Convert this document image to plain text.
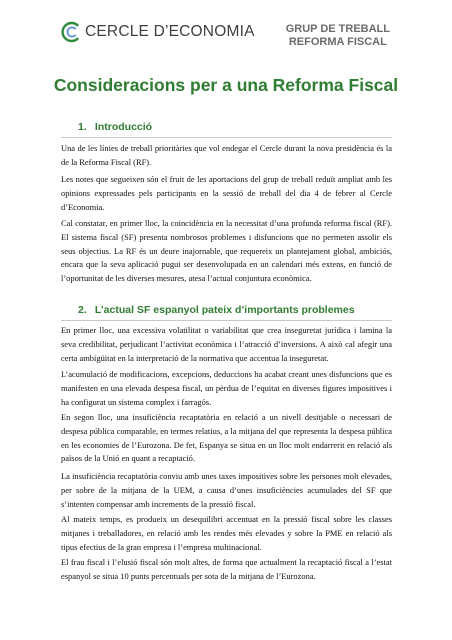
CERCLE D’ECONOMIA	GRUP DE TREBALL
REFORMA FISCAL
Consideracions per a una Reforma Fiscal
1. Introducció

Una de les línies de treball prioritàries que vol endegar el Cercle durant la nova presidència és la de la Reforma Fiscal (RF).

Les notes que segueixen són el fruit de les aportacions del grup de treball reduït ampliat amb les opinions expressades pels participants en la sessió de treball del dia 4 de febrer al Cercle d’Economia.

Cal constatar, en primer lloc, la coincidència en la necessitat d’una profunda reforma fiscal (RF). El sistema fiscal (SF) presenta nombrosos problemes i disfuncions que no permeten assolir els seus objectius. La RF és un deure inajornable, que requereix un plantejament global, ambiciós, encara que la seva aplicació pugui ser desenvolupada en un calendari més extens, en funció de l’oportunitat de les diverses mesures, atesa l’actual conjuntura econòmica.

2. L’actual SF espanyol pateix d’importants problemes

En primer lloc, una excessiva volatilitat o variabilitat que crea inseguretat jurídica i lamina la seva credibilitat, perjudicant l’activitat econòmica i l’atracció d’inversions. A això cal afegir una certa ambigüitat en la interpretació de la normativa que accentua la inseguretat.

L’acumulació de modificacions, excepcions, deduccions ha acabat creant unes disfuncions que es manifesten en una elevada despesa fiscal, un pèrdua de l’equitat en diverses figures impositives i ha configurat un sistema complex i farragós.

En segon lloc, una insuficiència recaptatòria en relació a un nivell desitjable o necessari de despesa pública comparable, en termes relatius, a la mitjana del que representa la despesa pública en les economies de l’Eurozona. De fet, Espanya se situa en un lloc molt endarrerit en relació als països de la Unió en quant a recaptació.

La insuficiència recaptatòria conviu amb unes taxes impositives sobre les persones molt elevades, per sobre de la mitjana de la UEM, a causa d’unes insuficiències acumulades del SF que s’intenten compensar amb increments de la pressió fiscal.

Al mateix temps, es produeix un desequilibri accentuat en la pressió fiscal sobre les classes mitjanes i treballadores, en relació amb les rendes més elevades y sobre la PME en relació als tipus efectius de la gran empresa i l’empresa multinacional.

El frau fiscal i l’elusió fiscal són molt altes, de forma que actualment la recaptació fiscal a l’estat espanyol se situa 10 punts percentuals per sota de la mitjana de l’Eurozona.
